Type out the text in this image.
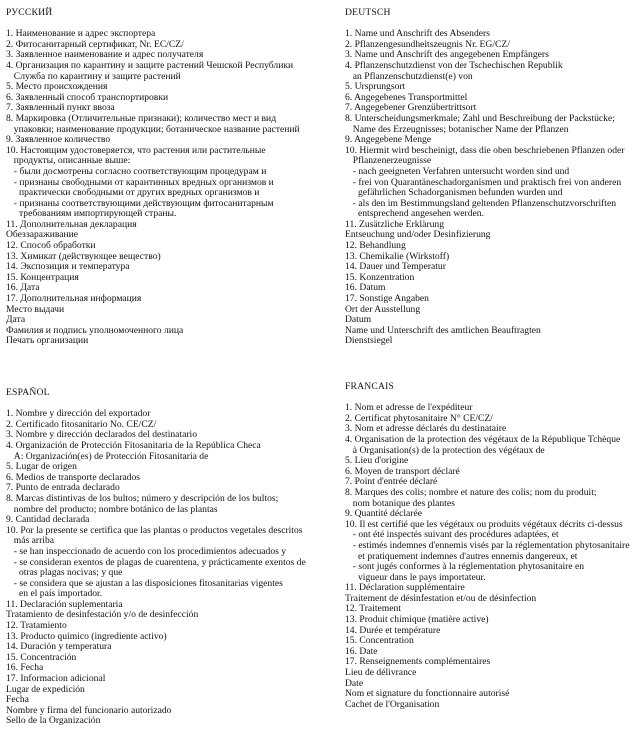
РУССКИЙ
1. Наименование и адрес экспортера
2. Фитосанитарный сертификат, Nr. EC/CZ/
3. Заявленное наименование и адрес получателя
4. Организация по карантину и защите растений Чешской Республики
Служба по карантину и защите растений
5. Место происхождения
6. Заявленный способ транспортировки
7. Заявленный пункт ввоза
8. Маркировка (Отличительные признаки); количество мест и вид
упаковки; наименование продукции; ботаническое название растений
9. Заявленное количество
10. Настоящим удостоверяется, что растения или растительные
продукты, описанные выше:
- были досмотрены согласно соответствующим процедурам и
- признаны свободными от карантинных вредных организмов и
практически свободными от других вредных организмов и
- признаны соответствующими действующим фитосанитарным
требованиям импортирующей страны.
11. Дополнительная декларация
Обеззараживание
12. Способ обработки
13. Химикат (действующее вещество)
14. Экспозиция и температура
15. Концентрация
16. Дата
17. Дополнительная информация
Место выдачи
Дата
Фамилия и подпись уполномоченного лица
Печать организации
DEUTSCH
1. Name und Anschrift des Absenders
2. Pflanzengesundheitszeugnis Nr. EG/CZ/
3. Name und Anschrift des angegebenen Empfängers
4. Pflanzenschutzdienst von der Tschechischen Republik
an Pflanzenschutzdienst(e) von
5. Ursprungsort
6. Angegebenes Transportmittel
7. Angegebener Grenzübertrittsort
8. Unterscheidungsmerkmale; Zahl und Beschreibung der Packstücke;
Name des Erzeugnisses; botanischer Name der Pflanzen
9. Angegebene Menge
10. Hiermit wird bescheinigt, dass die oben beschriebenen Pflanzen oder
Pflanzenerzeugnisse
- nach geeigneten Verfahren untersucht worden sind und
- frei von Quarantäneschadorganismen und praktisch frei von anderen
gefährlichen Schadorganismen befunden wurden und
- als den im Bestimmungsland geltenden Pflanzenschutzvorschriften
entsprechend angesehen werden.
11. Zusätzliche Erklärung
Entseuchung und/oder Desinfizierung
12. Behandlung
13. Chemikalie (Wirkstoff)
14. Dauer und Temperatur
15. Konzentration
16. Datum
17. Sonstige Angaben
Ort der Ausstellung
Datum
Name und Unterschrift des amtlichen Beauftragten
Dienstsiegel
ESPAÑOL
1. Nombre y dirección del exportador
2. Certificado fitosanitario No. CE/CZ/
3. Nombre y dirección declarados del destinatario
4. Organización de Protección Fitosanitaria de la República Checa
A: Organización(es) de Protección Fitosanitaria de
5. Lugar de origen
6. Medios de transporte declarados
7. Punto de entrada declarado
8. Marcas distintivas de los bultos; número y descripción de los bultos;
nombre del producto; nombre botánico de las plantas
9. Cantidad declarada
10. Por la presente se certifica que las plantas o productos vegetales descritos
más arriba
- se han inspeccionado de acuerdo con los procedimientos adecuados y
- se consideran exentos de plagas de cuarentena, y prácticamente exentos de
otras plagas nocivas; y que
- se considera que se ajustan a las disposiciones fitosanitarias vigentes
en el país importador.
11. Declaración suplementaria
Tratamiento de desinfestación y/o de desinfección
12. Tratamiento
13. Producto químico (ingrediente activo)
14. Duración y temperatura
15. Concentración
16. Fecha
17. Informacion adicional
Lugar de expedición
Fecha
Nombre y firma del funcionario autorizado
Sello de la Organización
FRANCAIS
1. Nom et adresse de l'expéditeur
2. Certificat phytosanitaire N° CE/CZ/
3. Nom et adresse déclarés du destinataire
4. Organisation de la protection des végétaux de la République Tchèque
à Organisation(s) de la protection des végétaux de
5. Lieu d'origine
6. Moyen de transport déclaré
7. Point d'entrée déclaré
8. Marques des colis; nombre et nature des colis; nom du produit;
nom botanique des plantes
9. Quantité déclarée
10. Il est certifié que les végétaux ou produits végétaux décrits ci-dessus
- ont été inspectés suivant des procédures adaptées, et
- estimés indemnes d'ennemis visés par la réglementation phytosanitaire
et pratiquement indemnes d'autres ennemis dangereux, et
- sont jugés conformes à la réglementation phytosanitaire en
vigueur dans le pays importateur.
11. Déclaration supplémentaire
Traitement de désinfestation et/ou de désinfection
12. Traitement
13. Produit chimique (matière active)
14. Durée et température
15. Concentration
16. Date
17. Renseignements complémentaires
Lieu de délivrance
Date
Nom et signature du fonctionnaire autorisé
Cachet de l'Organisation
